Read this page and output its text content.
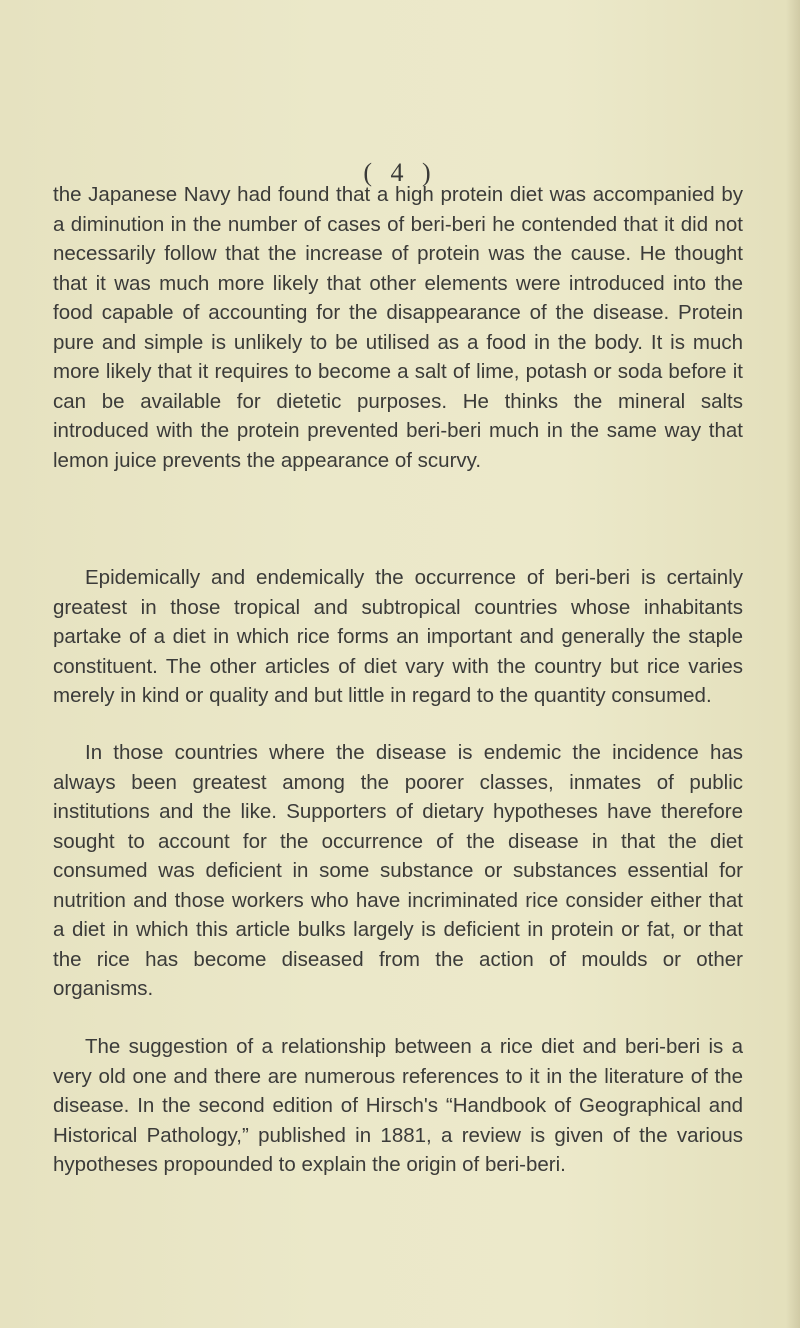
( 4 )

the Japanese Navy had found that a high protein diet was accompanied by a diminution in the number of cases of beri-beri he contended that it did not necessarily follow that the increase of protein was the cause. He thought that it was much more likely that other elements were introduced into the food capable of accounting for the disappearance of the disease. Protein pure and simple is unlikely to be utilised as a food in the body. It is much more likely that it requires to become a salt of lime, potash or soda before it can be available for dietetic purposes. He thinks the mineral salts introduced with the protein prevented beri-beri much in the same way that lemon juice prevents the appearance of scurvy.

Epidemically and endemically the occurrence of beri-beri is certainly greatest in those tropical and subtropical countries whose inhabitants partake of a diet in which rice forms an important and generally the staple constituent. The other articles of diet vary with the country but rice varies merely in kind or quality and but little in regard to the quantity consumed.

In those countries where the disease is endemic the incidence has always been greatest among the poorer classes, inmates of public institutions and the like. Supporters of dietary hypotheses have therefore sought to account for the occurrence of the disease in that the diet consumed was deficient in some substance or substances essential for nutrition and those workers who have incriminated rice consider either that a diet in which this article bulks largely is deficient in protein or fat, or that the rice has become diseased from the action of moulds or other organisms.

The suggestion of a relationship between a rice diet and beri-beri is a very old one and there are numerous references to it in the literature of the disease. In the second edition of Hirsch's “Handbook of Geographical and Historical Pathology,” published in 1881, a review is given of the various hypotheses propounded to explain the origin of beri-beri.
